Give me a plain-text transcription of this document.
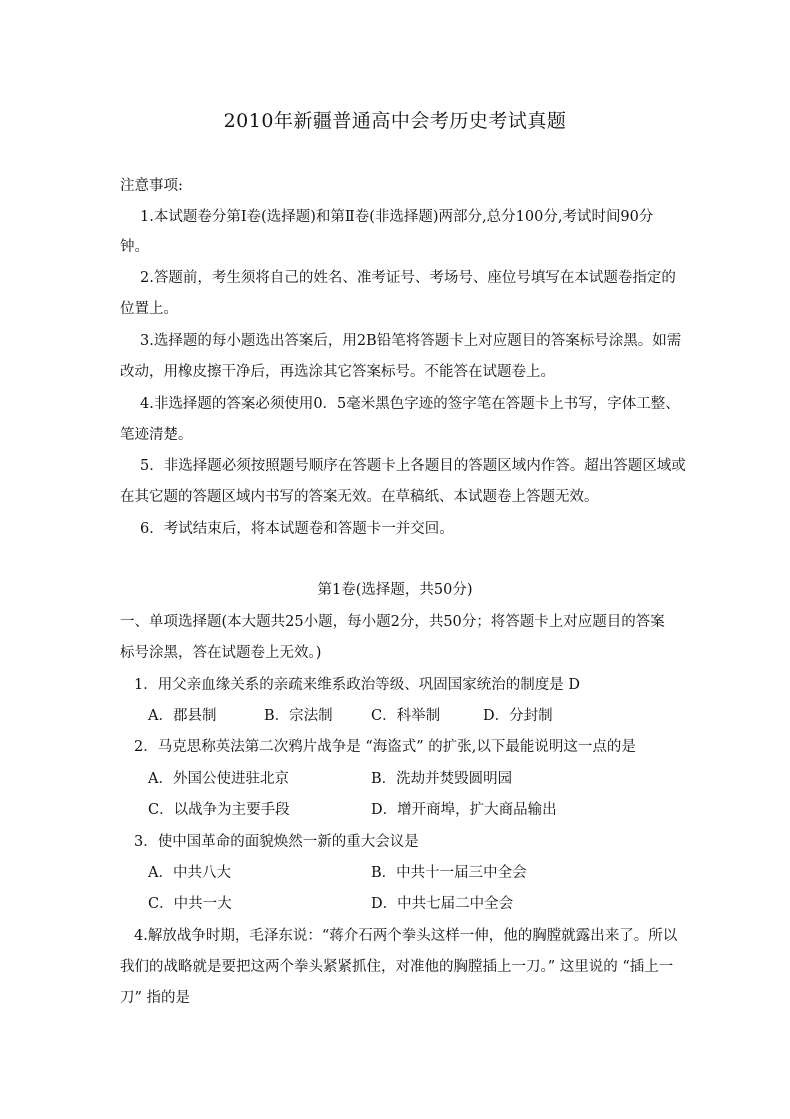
2010年新疆普通高中会考历史考试真题
注意事项:
1.本试题卷分第Ⅰ卷(选择题)和第Ⅱ卷(非选择题)两部分,总分100分,考试时间90分
钟。
2.答题前，考生须将自己的姓名、准考证号、考场号、座位号填写在本试题卷指定的
位置上。
3.选择题的每小题选出答案后，用2B铅笔将答题卡上对应题目的答案标号涂黑。如需
改动，用橡皮擦干净后，再选涂其它答案标号。不能答在试题卷上。
4.非选择题的答案必须使用0．5毫米黑色字迹的签字笔在答题卡上书写，字体工整、
笔迹清楚。
5．非选择题必须按照题号顺序在答题卡上各题目的答题区域内作答。超出答题区域或
在其它题的答题区域内书写的答案无效。在草稿纸、本试题卷上答题无效。
6．考试结束后，将本试题卷和答题卡一并交回。
第1卷(选择题，共50分)
一、单项选择题(本大题共25小题，每小题2分，共50分；将答题卡上对应题目的答案
标号涂黑，答在试题卷上无效。)
1．用父亲血缘关系的亲疏来维系政治等级、巩固国家统治的制度是 D
A．郡县制	B．宗法制	C．科举制	D．分封制
2．马克思称英法第二次鸦片战争是 “海盗式” 的扩张,以下最能说明这一点的是
A．外国公使进驻北京	B．洗劫并焚毁圆明园
C．以战争为主要手段	D．增开商埠，扩大商品输出
3．使中国革命的面貌焕然一新的重大会议是
A．中共八大	B．中共十一届三中全会
C．中共一大	D．中共七届二中全会
4.解放战争时期，毛泽东说：“蒋介石两个拳头这样一伸，他的胸膛就露出来了。所以
我们的战略就是要把这两个拳头紧紧抓住，对准他的胸膛插上一刀。” 这里说的 “插上一
刀” 指的是
